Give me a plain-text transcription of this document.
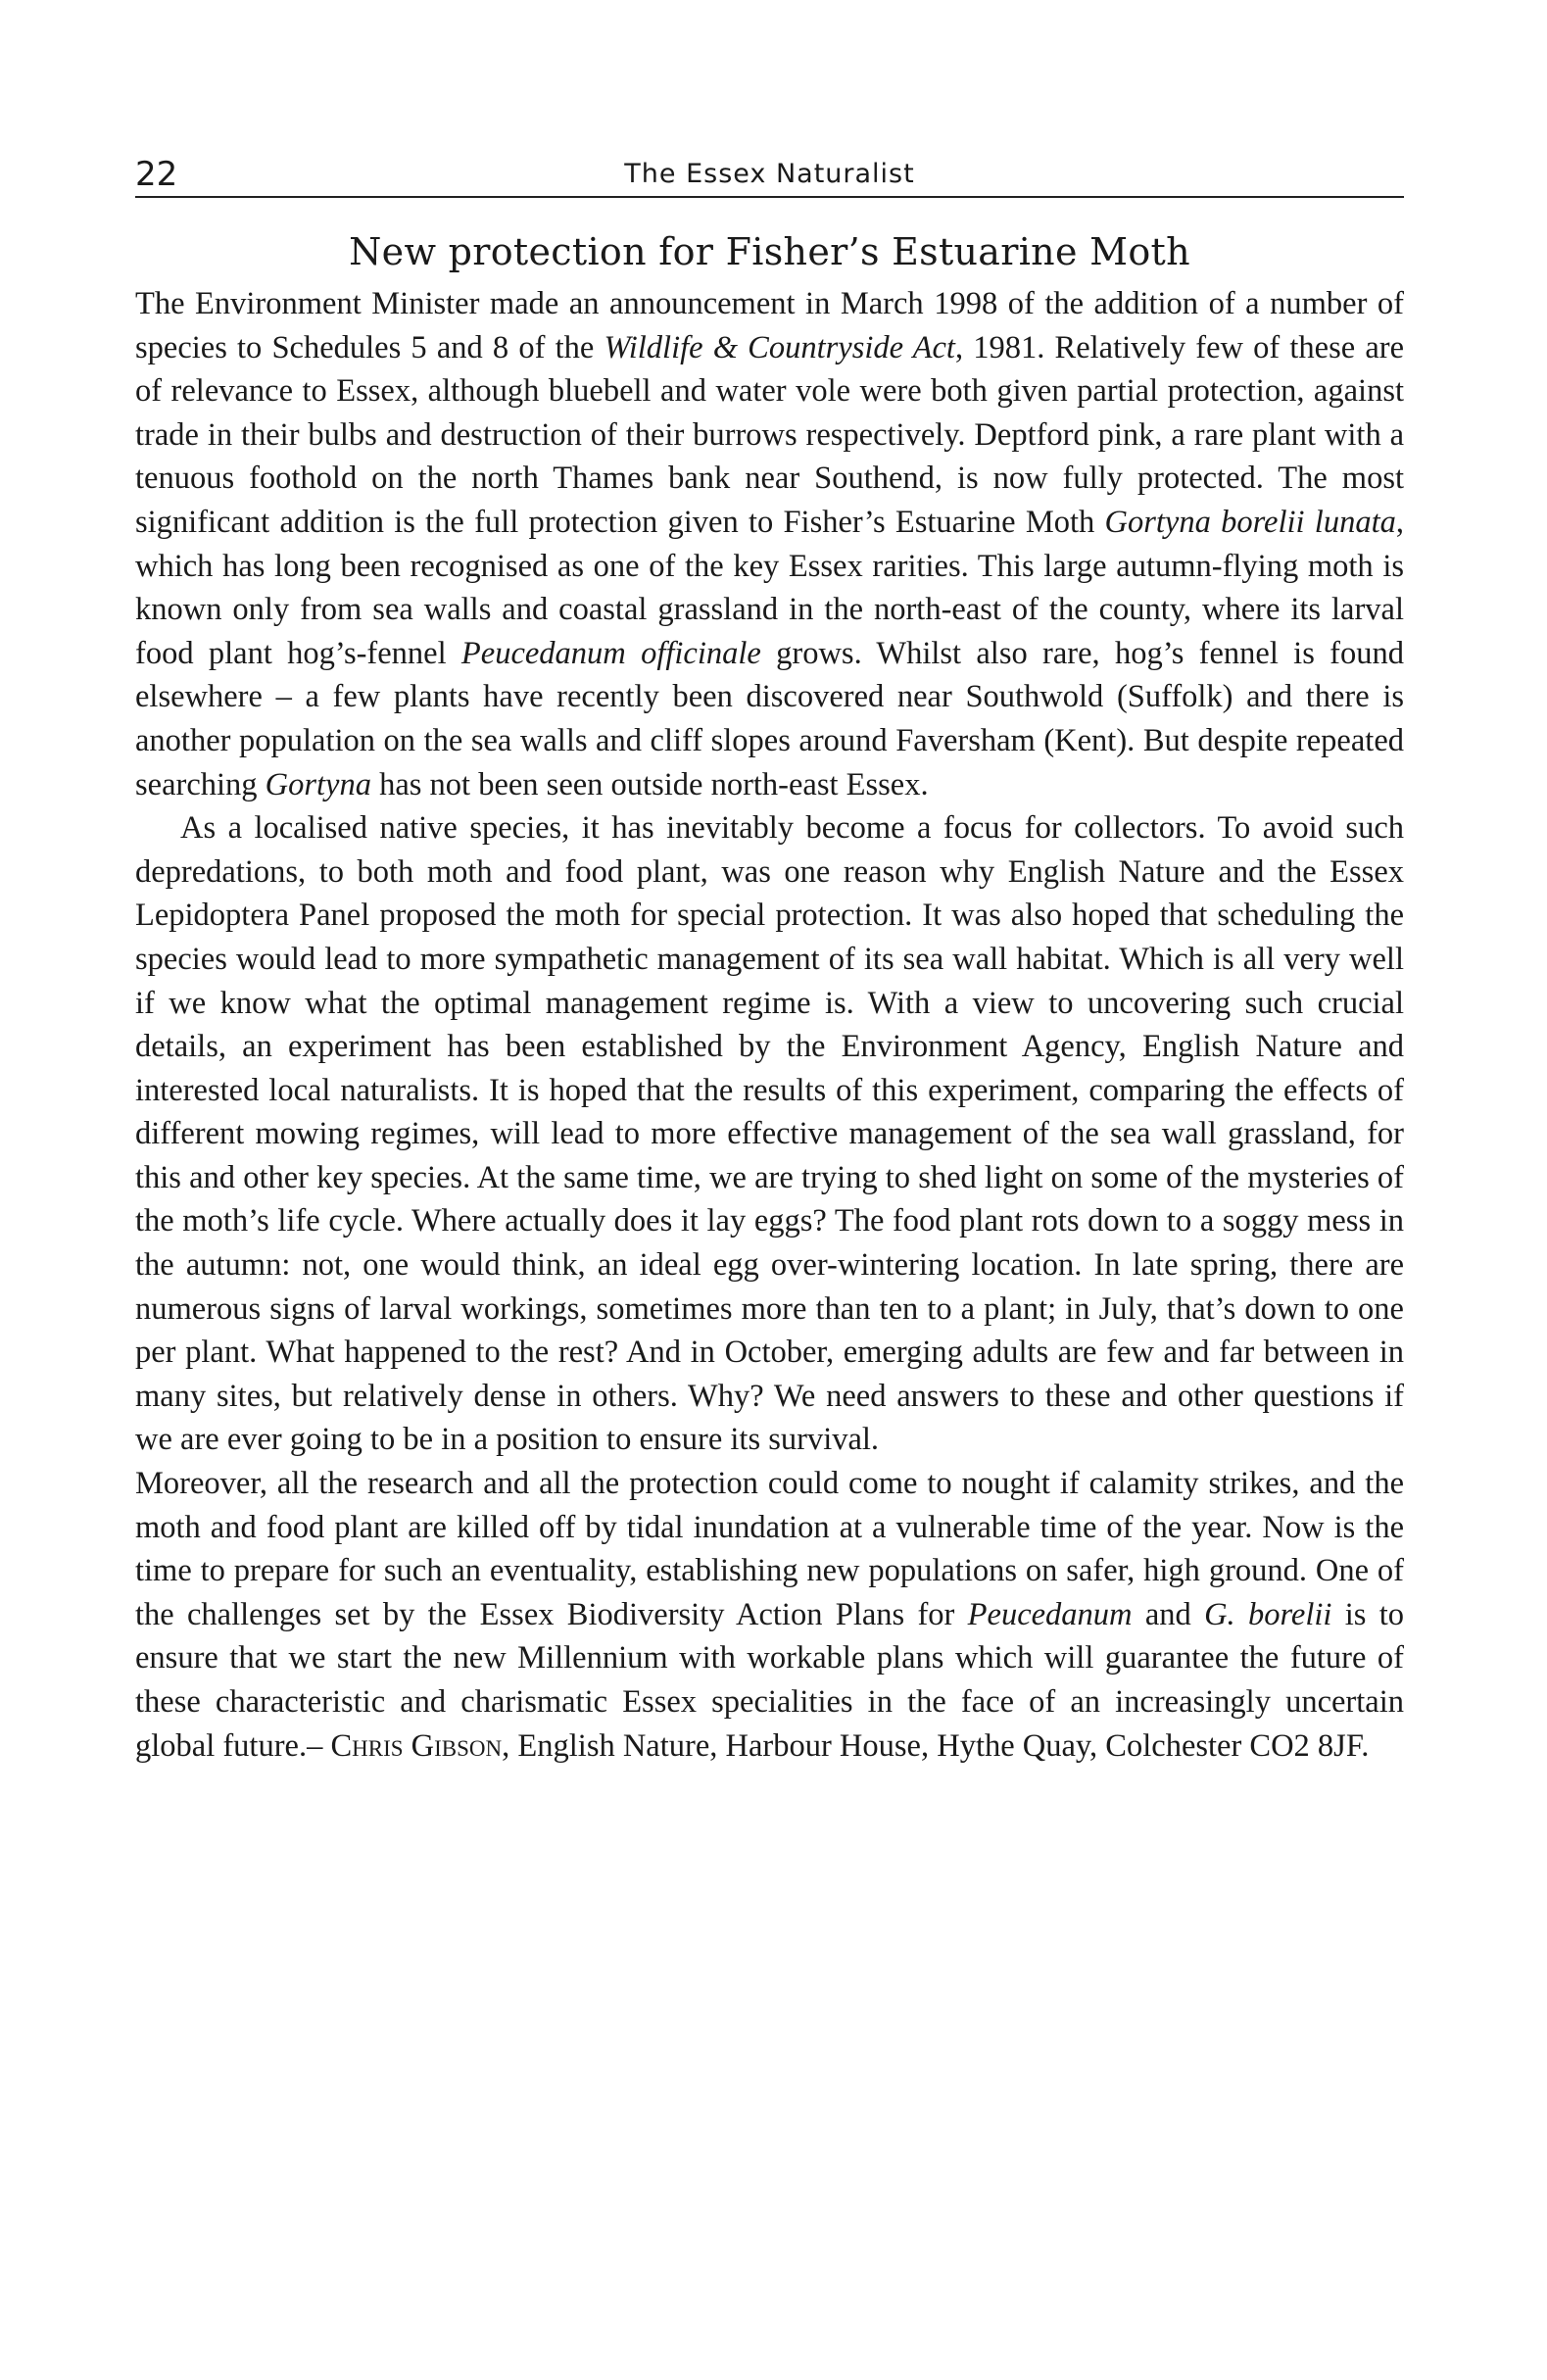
22	The Essex Naturalist
New protection for Fisher’s Estuarine Moth

The Environment Minister made an announcement in March 1998 of the addition of a number of species to Schedules 5 and 8 of the Wildlife & Countryside Act, 1981. Relatively few of these are of relevance to Essex, although bluebell and water vole were both given partial protection, against trade in their bulbs and destruction of their burrows respectively. Deptford pink, a rare plant with a tenuous foothold on the north Thames bank near Southend, is now fully protected. The most significant addition is the full protection given to Fisher’s Estuarine Moth Gortyna borelii lunata, which has long been recognised as one of the key Essex rarities. This large autumn-flying moth is known only from sea walls and coastal grassland in the north-east of the county, where its larval food plant hog’s-fennel Peucedanum officinale grows. Whilst also rare, hog’s fennel is found elsewhere – a few plants have recently been discovered near Southwold (Suffolk) and there is another population on the sea walls and cliff slopes around Faversham (Kent). But despite repeated searching Gortyna has not been seen outside north-east Essex.

As a localised native species, it has inevitably become a focus for collectors. To avoid such depredations, to both moth and food plant, was one reason why English Nature and the Essex Lepidoptera Panel proposed the moth for special protection. It was also hoped that scheduling the species would lead to more sympathetic management of its sea wall habitat. Which is all very well if we know what the optimal management regime is. With a view to uncovering such crucial details, an experiment has been established by the Environment Agency, English Nature and interested local naturalists. It is hoped that the results of this experiment, comparing the effects of different mowing regimes, will lead to more effective management of the sea wall grassland, for this and other key species. At the same time, we are trying to shed light on some of the mysteries of the moth’s life cycle. Where actually does it lay eggs? The food plant rots down to a soggy mess in the autumn: not, one would think, an ideal egg over-wintering location. In late spring, there are numerous signs of larval workings, sometimes more than ten to a plant; in July, that’s down to one per plant. What happened to the rest? And in October, emerging adults are few and far between in many sites, but relatively dense in others. Why? We need answers to these and other questions if we are ever going to be in a position to ensure its survival.

Moreover, all the research and all the protection could come to nought if calamity strikes, and the moth and food plant are killed off by tidal inundation at a vulnerable time of the year. Now is the time to prepare for such an eventuality, establishing new populations on safer, high ground. One of the challenges set by the Essex Biodiversity Action Plans for Peucedanum and G. borelii is to ensure that we start the new Millennium with workable plans which will guarantee the future of these characteristic and charismatic Essex specialities in the face of an increasingly uncertain global future.– Chris Gibson, English Nature, Harbour House, Hythe Quay, Colchester CO2 8JF.
